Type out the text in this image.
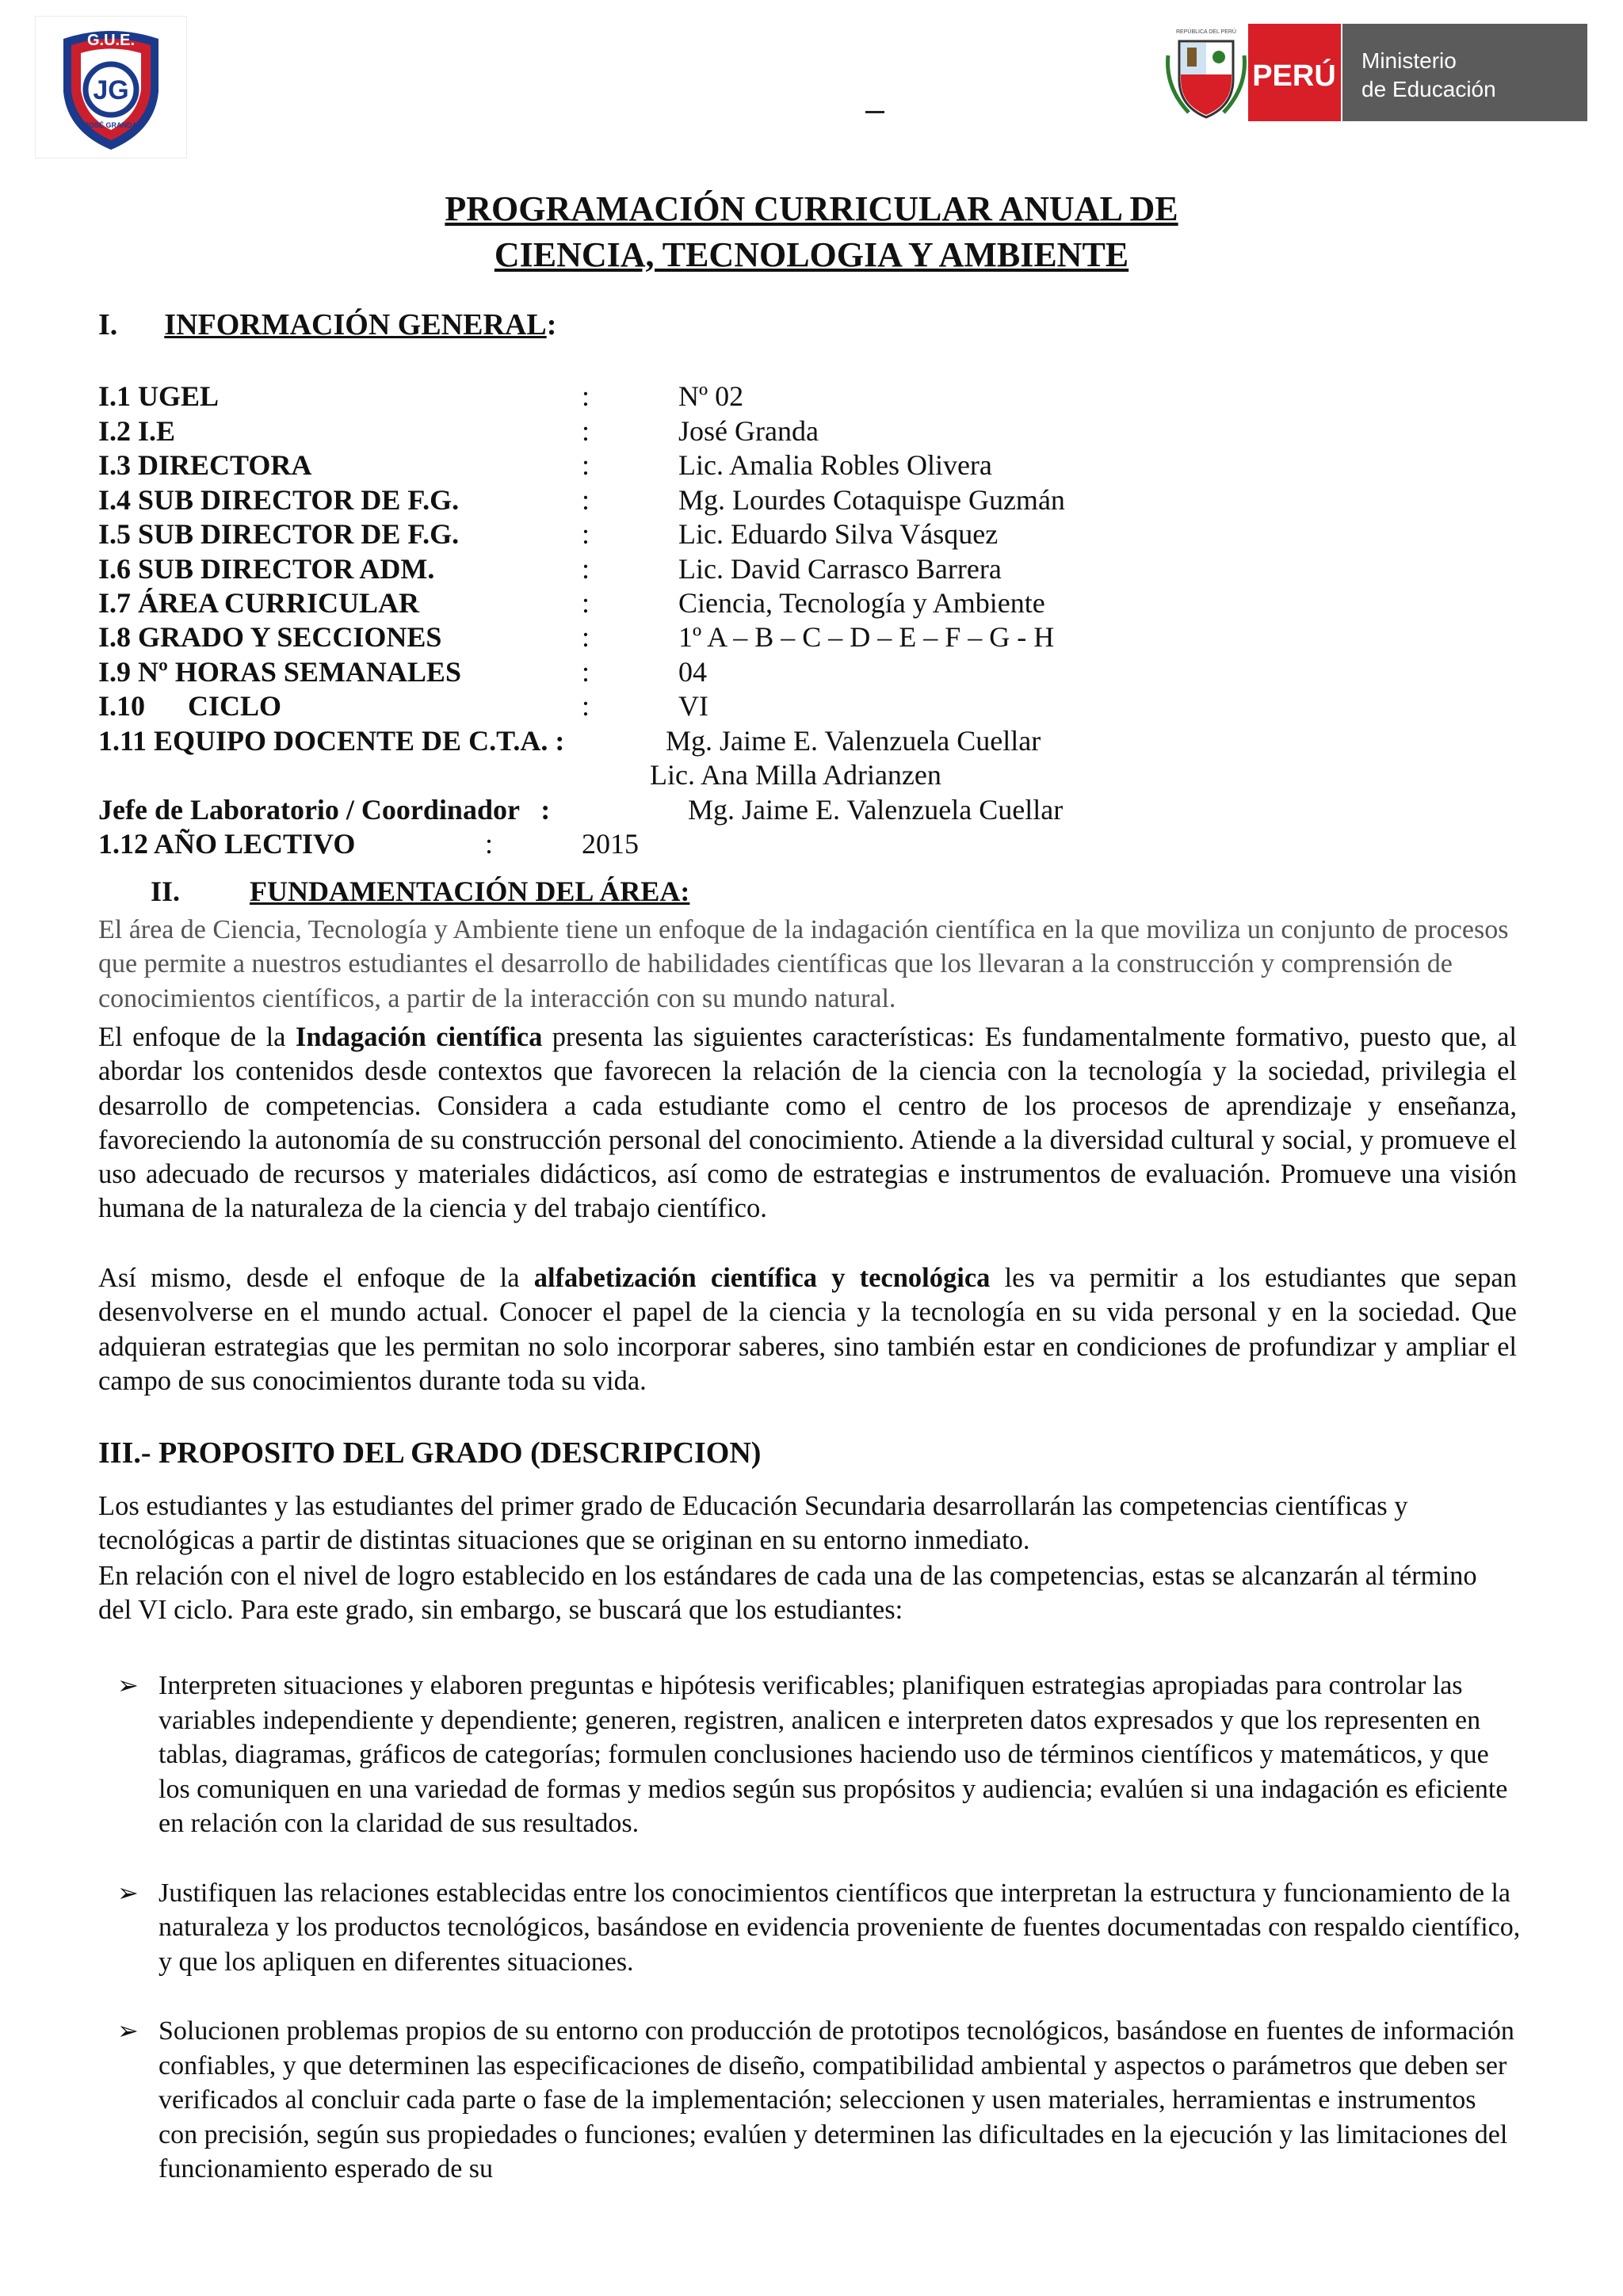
JG
G.U.E.
JOSÉ GRANDA
REPÚBLICA DEL PERÚ
PERÚ Ministerio
de Educación
PROGRAMACIÓN CURRICULAR ANUAL DE
CIENCIA, TECNOLOGIA Y AMBIENTE
I. INFORMACIÓN GENERAL:
I.1 UGEL	:	Nº 02
I.2 I.E	:	José Granda
I.3 DIRECTORA	:	Lic. Amalia Robles Olivera
I.4 SUB DIRECTOR DE F.G.	:	Mg. Lourdes Cotaquispe Guzmán
I.5 SUB DIRECTOR DE F.G.	:	Lic. Eduardo Silva Vásquez
I.6 SUB DIRECTOR ADM.	:	Lic. David Carrasco Barrera
I.7 ÁREA CURRICULAR	:	Ciencia, Tecnología y Ambiente
I.8 GRADO Y SECCIONES	:	1º A – B – C – D – E – F – G - H
I.9 Nº HORAS SEMANALES	:	04
I.10      CICLO	:	VI
1.11 EQUIPO DOCENTE DE C.T.A. :	Mg. Jaime E. Valenzuela Cuellar
Lic. Ana Milla Adrianzen
Jefe de Laboratorio / Coordinador   :	Mg. Jaime E. Valenzuela Cuellar
1.12 AÑO LECTIVO	:	2015
II. FUNDAMENTACIÓN DEL ÁREA:
El área de Ciencia, Tecnología y Ambiente tiene un enfoque de la indagación científica en la que moviliza un conjunto de procesos que permite a nuestros estudiantes el desarrollo de habilidades científicas que los llevaran a la construcción y comprensión de conocimientos científicos, a partir de la interacción con su mundo natural.
El enfoque de la Indagación científica presenta las siguientes características: Es fundamentalmente formativo, puesto que, al abordar los contenidos desde contextos que favorecen la relación de la ciencia con la tecnología y la sociedad, privilegia el desarrollo de competencias. Considera a cada estudiante como el centro de los procesos de aprendizaje y enseñanza, favoreciendo la autonomía de su construcción personal del conocimiento. Atiende a la diversidad cultural y social, y promueve el uso adecuado de recursos y materiales didácticos, así como de estrategias e instrumentos de evaluación. Promueve una visión humana de la naturaleza de la ciencia y del trabajo científico.
Así mismo, desde el enfoque de la alfabetización científica y tecnológica les va permitir a los estudiantes que sepan desenvolverse en el mundo actual. Conocer el papel de la ciencia y la tecnología en su vida personal y en la sociedad. Que adquieran estrategias que les permitan no solo incorporar saberes, sino también estar en condiciones de profundizar y ampliar el campo de sus conocimientos durante toda su vida.
III.- PROPOSITO DEL GRADO (DESCRIPCION)
Los estudiantes y las estudiantes del primer grado de Educación Secundaria desarrollarán las competencias científicas y tecnológicas a partir de distintas situaciones que se originan en su entorno inmediato.
En relación con el nivel de logro establecido en los estándares de cada una de las competencias, estas se alcanzarán al término del VI ciclo. Para este grado, sin embargo, se buscará que los estudiantes:
➢ Interpreten situaciones y elaboren preguntas e hipótesis verificables; planifiquen estrategias apropiadas para controlar las variables independiente y dependiente; generen, registren, analicen e interpreten datos expresados y que los representen en tablas, diagramas, gráficos de categorías; formulen conclusiones haciendo uso de términos científicos y matemáticos, y que los comuniquen en una variedad de formas y medios según sus propósitos y audiencia; evalúen si una indagación es eficiente en relación con la claridad de sus resultados.
➢ Justifiquen las relaciones establecidas entre los conocimientos científicos que interpretan la estructura y funcionamiento de la naturaleza y los productos tecnológicos, basándose en evidencia proveniente de fuentes documentadas con respaldo científico, y que los apliquen en diferentes situaciones.
➢ Solucionen problemas propios de su entorno con producción de prototipos tecnológicos, basándose en fuentes de información confiables, y que determinen las especificaciones de diseño, compatibilidad ambiental y aspectos o parámetros que deben ser verificados al concluir cada parte o fase de la implementación; seleccionen y usen materiales, herramientas e instrumentos con precisión, según sus propiedades o funciones; evalúen y determinen las dificultades en la ejecución y las limitaciones del funcionamiento esperado de su
